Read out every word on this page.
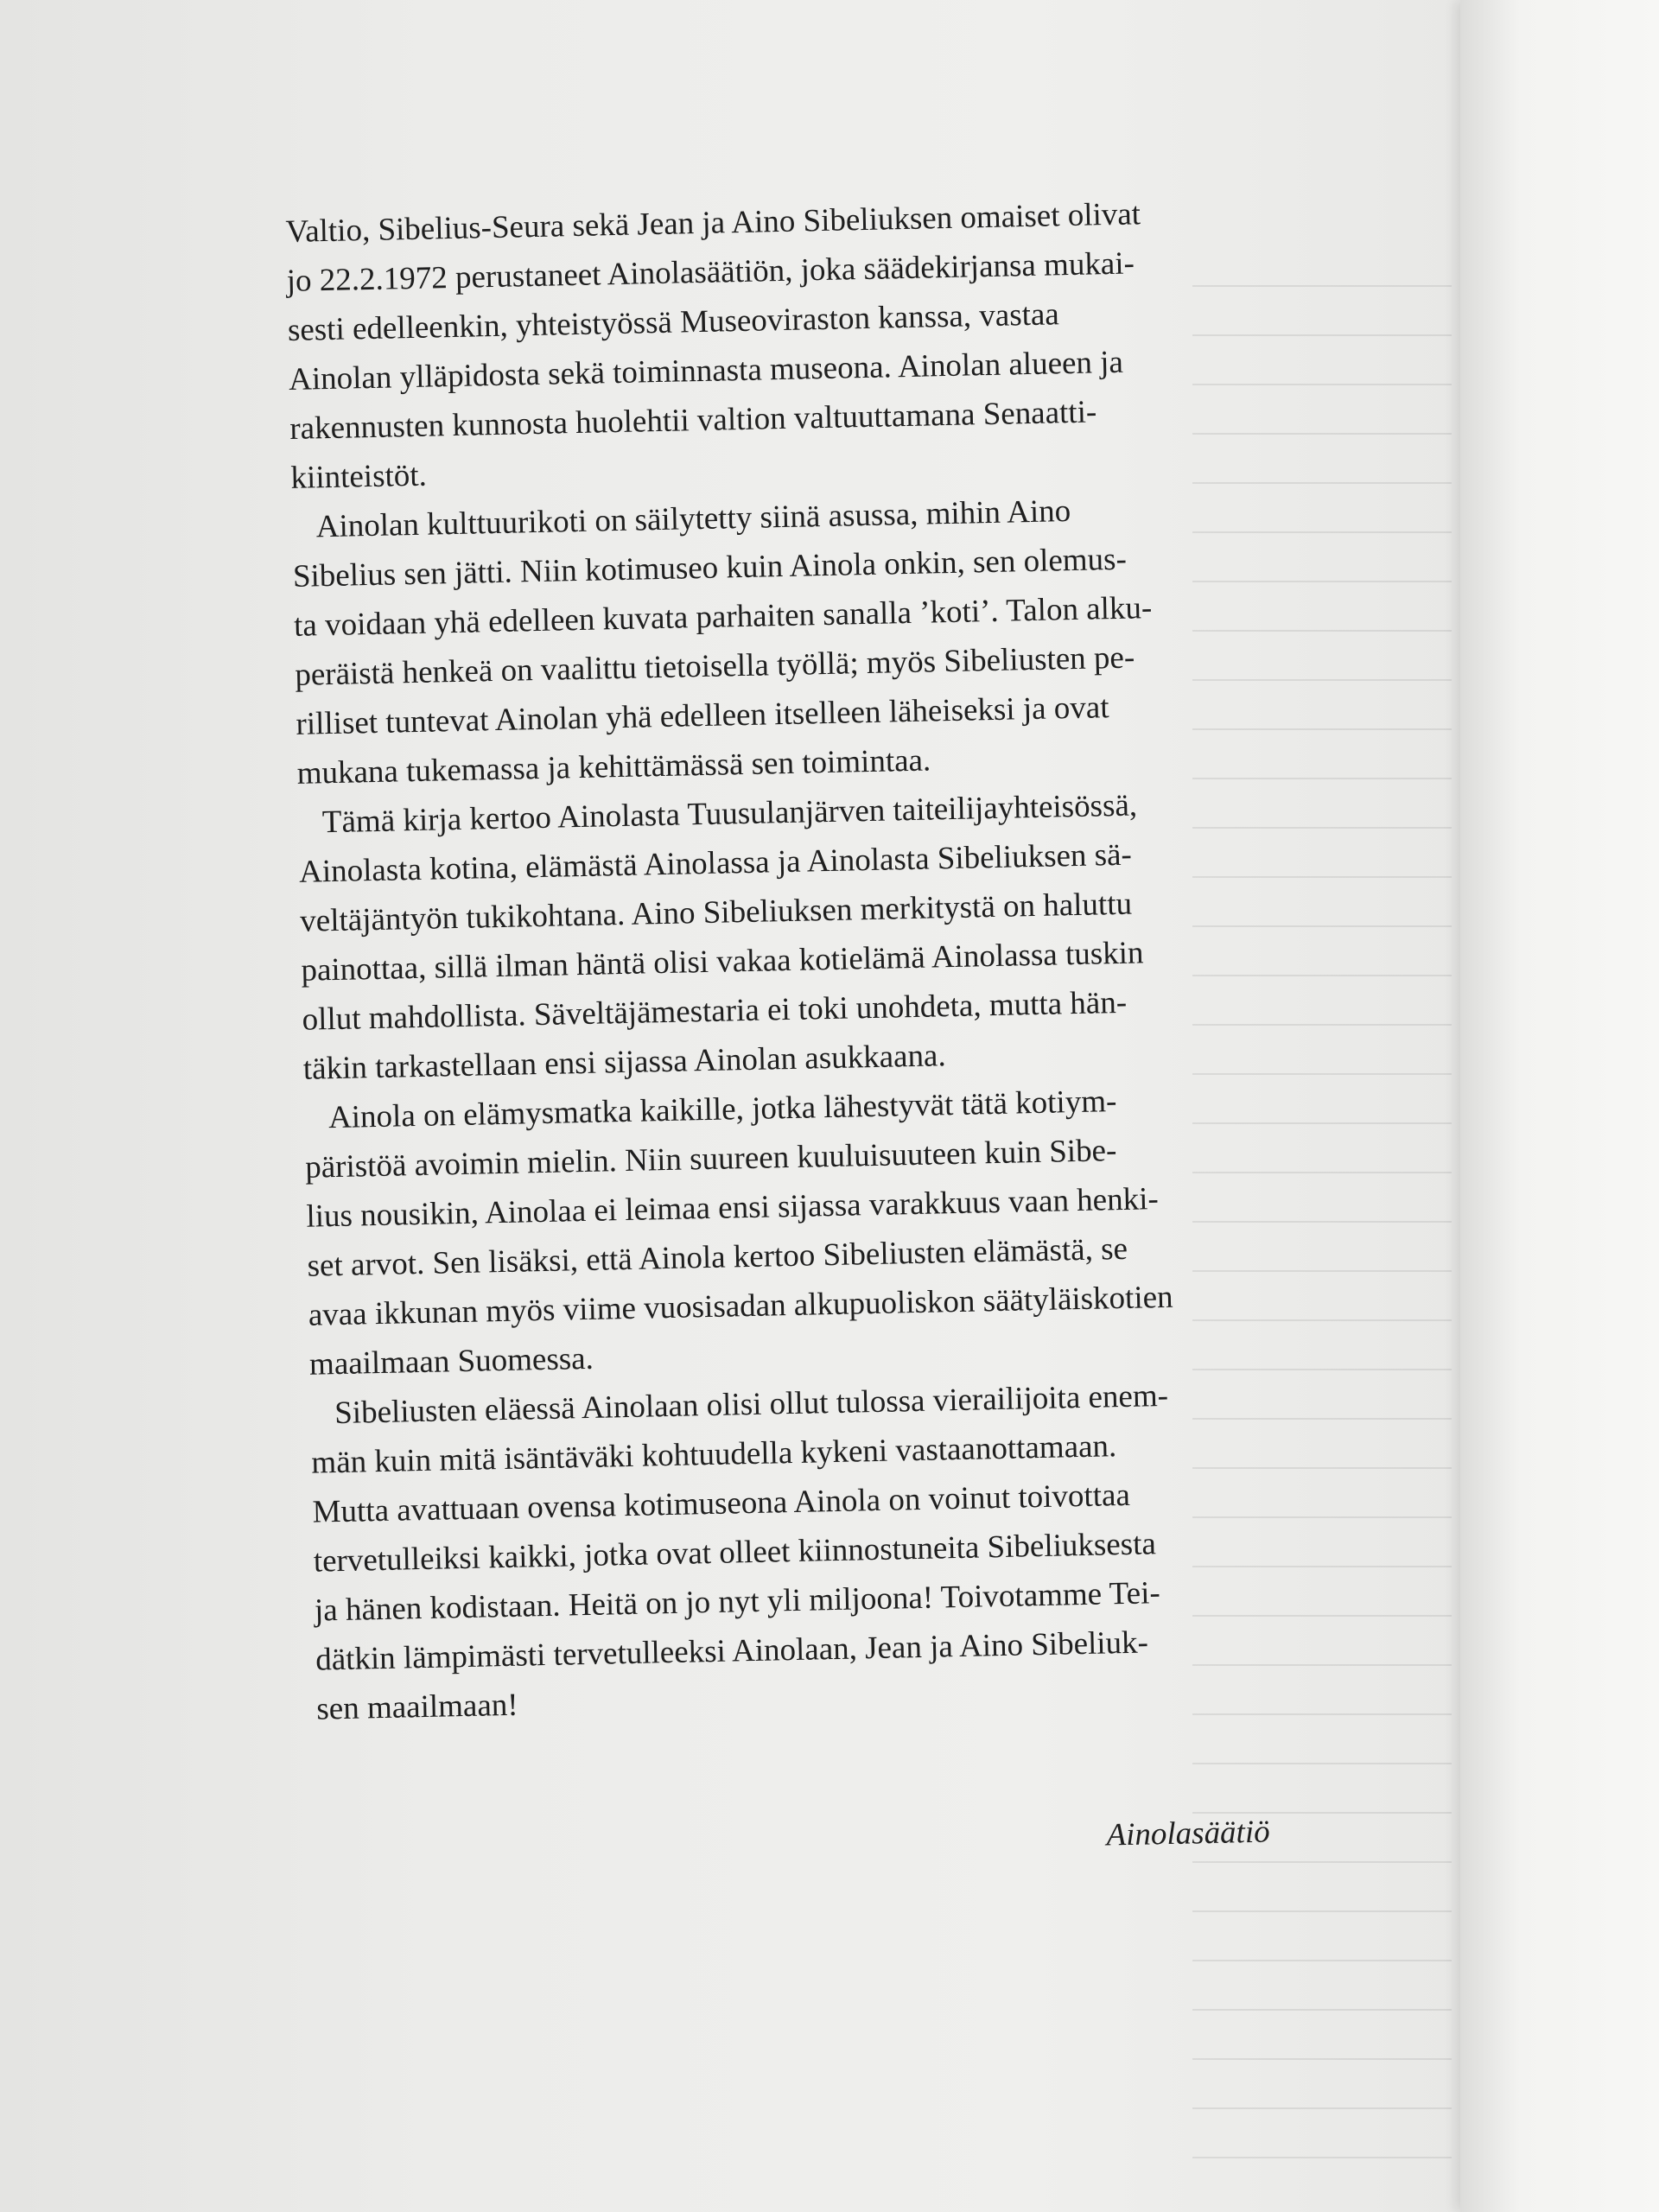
Valtio, Sibelius-Seura sekä Jean ja Aino Sibeliuksen omaiset olivat
jo 22.2.1972 perustaneet Ainolasäätiön, joka säädekirjansa mukai-
sesti edelleenkin, yhteistyössä Museoviraston kanssa, vastaa
Ainolan ylläpidosta sekä toiminnasta museona. Ainolan alueen ja
rakennusten kunnosta huolehtii valtion valtuuttamana Senaatti-
kiinteistöt.

Ainolan kulttuurikoti on säilytetty siinä asussa, mihin Aino
Sibelius sen jätti. Niin kotimuseo kuin Ainola onkin, sen olemus-
ta voidaan yhä edelleen kuvata parhaiten sanalla ’koti’. Talon alku-
peräistä henkeä on vaalittu tietoisella työllä; myös Sibeliusten pe-
rilliset tuntevat Ainolan yhä edelleen itselleen läheiseksi ja ovat
mukana tukemassa ja kehittämässä sen toimintaa.

Tämä kirja kertoo Ainolasta Tuusulanjärven taiteilijayhteisössä,
Ainolasta kotina, elämästä Ainolassa ja Ainolasta Sibeliuksen sä-
veltäjäntyön tukikohtana. Aino Sibeliuksen merkitystä on haluttu
painottaa, sillä ilman häntä olisi vakaa kotielämä Ainolassa tuskin
ollut mahdollista. Säveltäjämestaria ei toki unohdeta, mutta hän-
täkin tarkastellaan ensi sijassa Ainolan asukkaana.

Ainola on elämysmatka kaikille, jotka lähestyvät tätä kotiym-
päristöä avoimin mielin. Niin suureen kuuluisuuteen kuin Sibe-
lius nousikin, Ainolaa ei leimaa ensi sijassa varakkuus vaan henki-
set arvot. Sen lisäksi, että Ainola kertoo Sibeliusten elämästä, se
avaa ikkunan myös viime vuosisadan alkupuoliskon säätyläiskotien
maailmaan Suomessa.

Sibeliusten eläessä Ainolaan olisi ollut tulossa vierailijoita enem-
män kuin mitä isäntäväki kohtuudella kykeni vastaanottamaan.
Mutta avattuaan ovensa kotimuseona Ainola on voinut toivottaa
tervetulleiksi kaikki, jotka ovat olleet kiinnostuneita Sibeliuksesta
ja hänen kodistaan. Heitä on jo nyt yli miljoona! Toivotamme Tei-
dätkin lämpimästi tervetulleeksi Ainolaan, Jean ja Aino Sibeliuk-
sen maailmaan!

Ainolasäätiö
